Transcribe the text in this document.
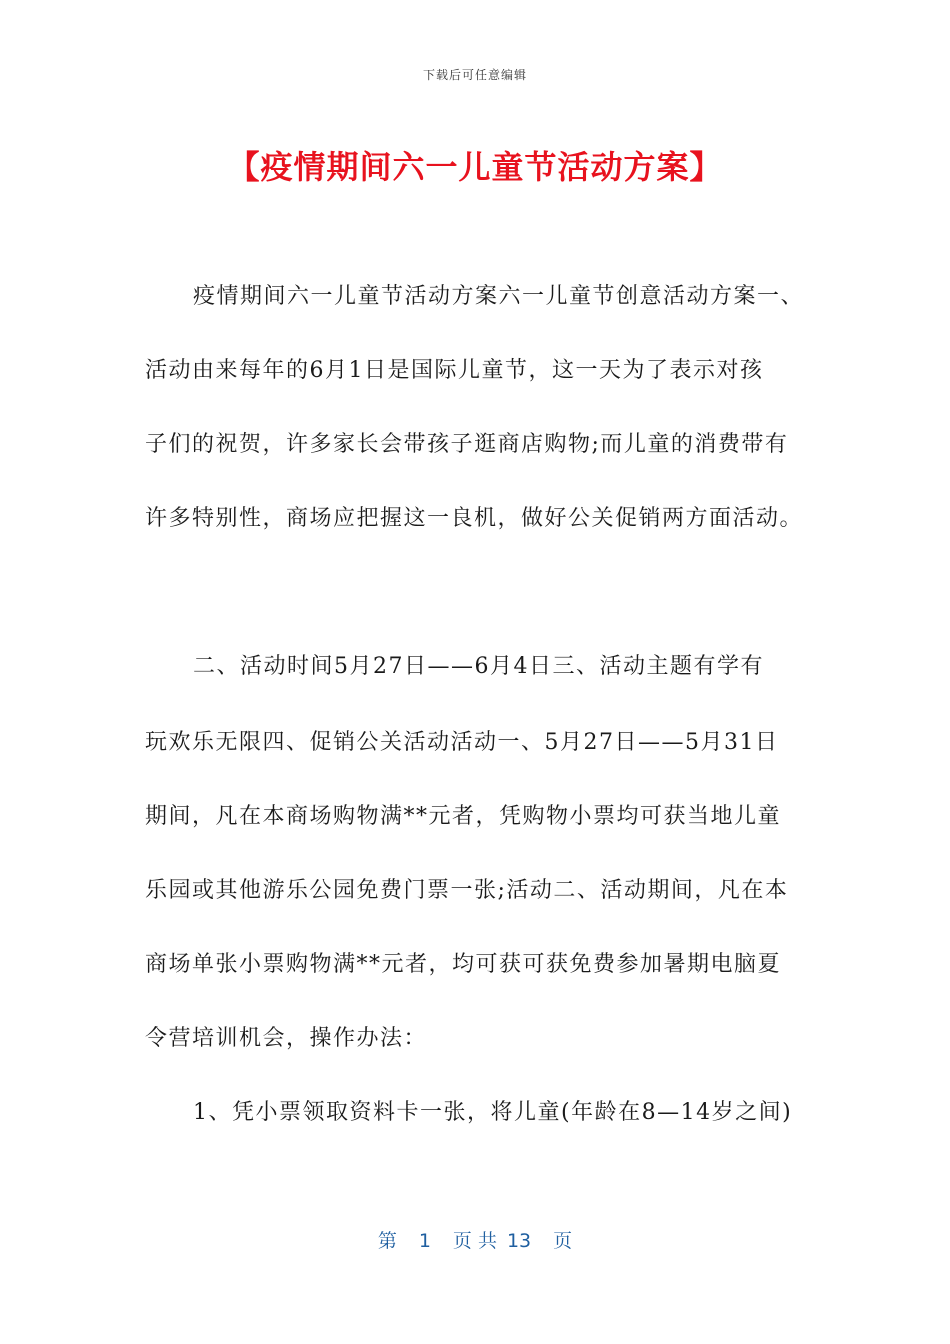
下载后可任意编辑
【疫情期间六一儿童节活动方案】
疫情期间六一儿童节活动方案六一儿童节创意活动方案一、
活动由来每年的6月1日是国际儿童节，这一天为了表示对孩
子们的祝贺，许多家长会带孩子逛商店购物;而儿童的消费带有
许多特别性，商场应把握这一良机，做好公关促销两方面活动。
二、活动时间5月27日——6月4日三、活动主题有学有
玩欢乐无限四、促销公关活动活动一、5月27日——5月31日
期间，凡在本商场购物满**元者，凭购物小票均可获当地儿童
乐园或其他游乐公园免费门票一张;活动二、活动期间，凡在本
商场单张小票购物满**元者，均可获可获免费参加暑期电脑夏
令营培训机会，操作办法：
1、凭小票领取资料卡一张，将儿童(年龄在8—14岁之间)
第 1 页 共 13 页
